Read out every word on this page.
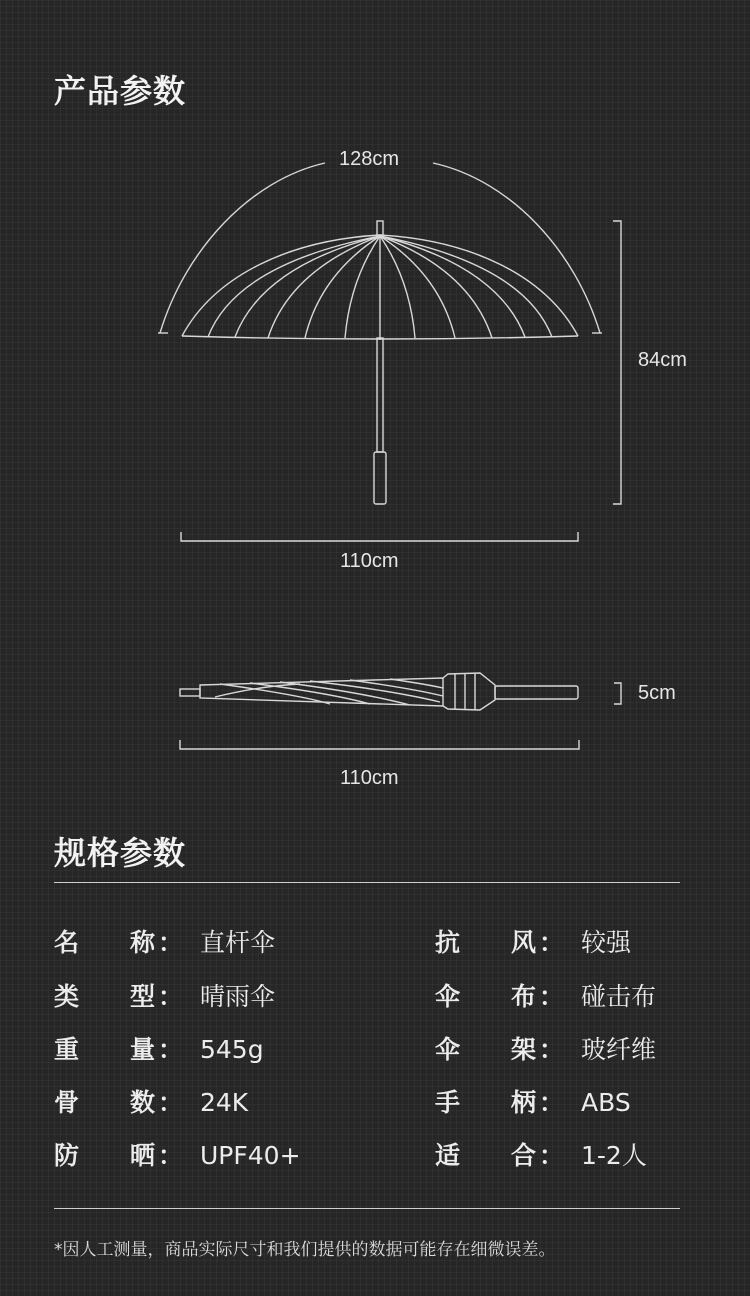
产品参数
128cm
84cm
110cm
5cm
110cm
规格参数
名 称 ： 直杆伞
类 型 ： 晴雨伞
重 量 ： 545g
骨 数 ： 24K
防 晒 ： UPF40+
抗 风 ： 较强
伞 布 ： 碰击布
伞 架 ： 玻纤维
手 柄 ： ABS
适 合 ： 1-2人
*因人工测量，商品实际尺寸和我们提供的数据可能存在细微误差。
